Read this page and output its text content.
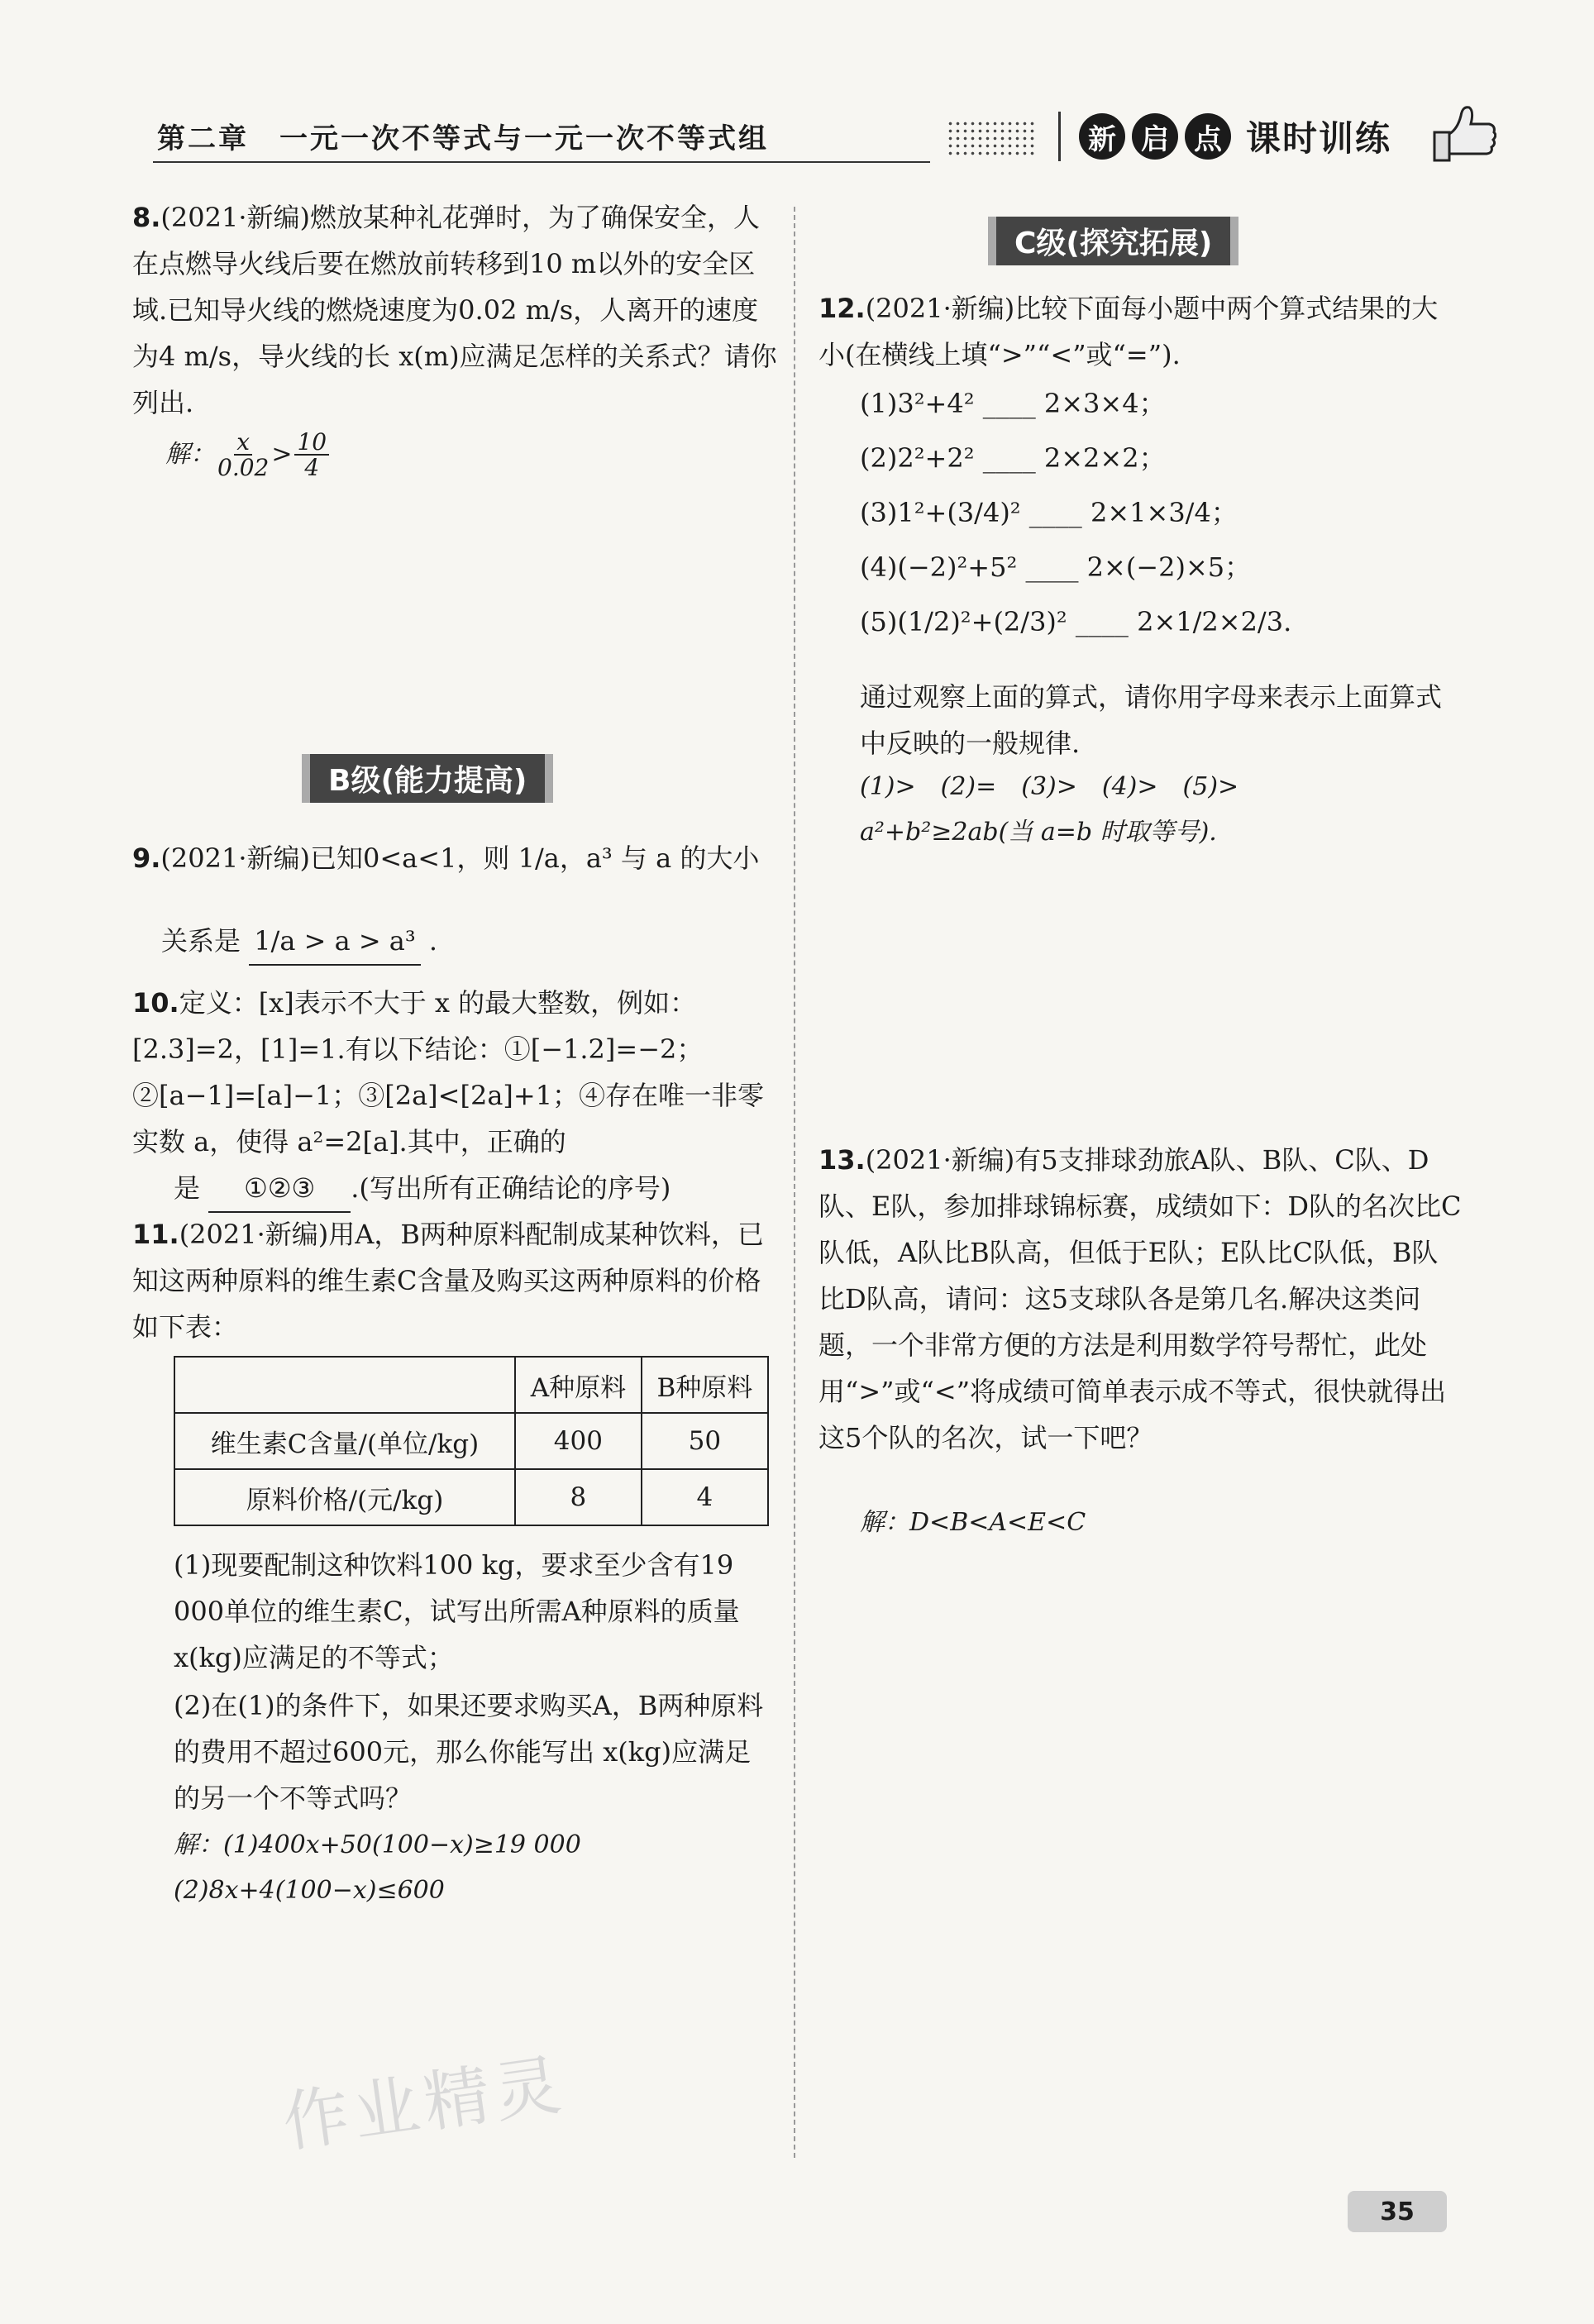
第二章　一元一次不等式与一元一次不等式组	新 启 点 课时训练
8.(2021·新编)燃放某种礼花弹时，为了确保安全，人在点燃导火线后要在燃放前转移到10 m以外的安全区域.已知导火线的燃烧速度为0.02 m/s，人离开的速度为4 m/s，导火线的长 x(m)应满足怎样的关系式？请你列出.
解： $\frac{x}{0.02} > \frac{10}{4}$
B级(能力提高)
9.(2021·新编)已知0<a<1，则 1/a，a³ 与 a 的大小
关系是 1/a > a > a³ .
10.定义：[x]表示不大于 x 的最大整数，例如：[2.3]=2，[1]=1.有以下结论：①[−1.2]=−2；②[a−1]=[a]−1；③[2a]<[2a]+1；④存在唯一非零实数 a，使得 a²=2[a].其中，正确的
是 ①②③ .(写出所有正确结论的序号)
11.(2021·新编)用A，B两种原料配制成某种饮料，已知这两种原料的维生素C含量及购买这两种原料的价格如下表：
	A种原料	B种原料
维生素C含量/(单位/kg)	400	50
原料价格/(元/kg)	8	4
(1)现要配制这种饮料100 kg，要求至少含有19 000单位的维生素C，试写出所需A种原料的质量 x(kg)应满足的不等式；
(2)在(1)的条件下，如果还要求购买A，B两种原料的费用不超过600元，那么你能写出 x(kg)应满足的另一个不等式吗？
解：(1)400x+50(100−x)≥19 000
(2)8x+4(100−x)≤600
作业精灵
C级(探究拓展)
12.(2021·新编)比较下面每小题中两个算式结果的大小(在横线上填“>”“<”或“=”).
(1)3²+4² ____ 2×3×4；
(2)2²+2² ____ 2×2×2；
(3)1²+(3/4)² ____ 2×1×3/4；
(4)(−2)²+5² ____ 2×(−2)×5；
(5)(1/2)²+(2/3)² ____ 2×1/2×2/3.
通过观察上面的算式，请你用字母来表示上面算式中反映的一般规律.
(1)>　(2)=　(3)>　(4)>　(5)>
a²+b²≥2ab(当 a=b 时取等号).
13.(2021·新编)有5支排球劲旅A队、B队、C队、D队、E队，参加排球锦标赛，成绩如下：D队的名次比C队低，A队比B队高，但低于E队；E队比C队低，B队比D队高，请问：这5支球队各是第几名.解决这类问题，一个非常方便的方法是利用数学符号帮忙，此处用“>”或“<”将成绩可简单表示成不等式，很快就得出这5个队的名次，试一下吧？
解：D<B<A<E<C
35
